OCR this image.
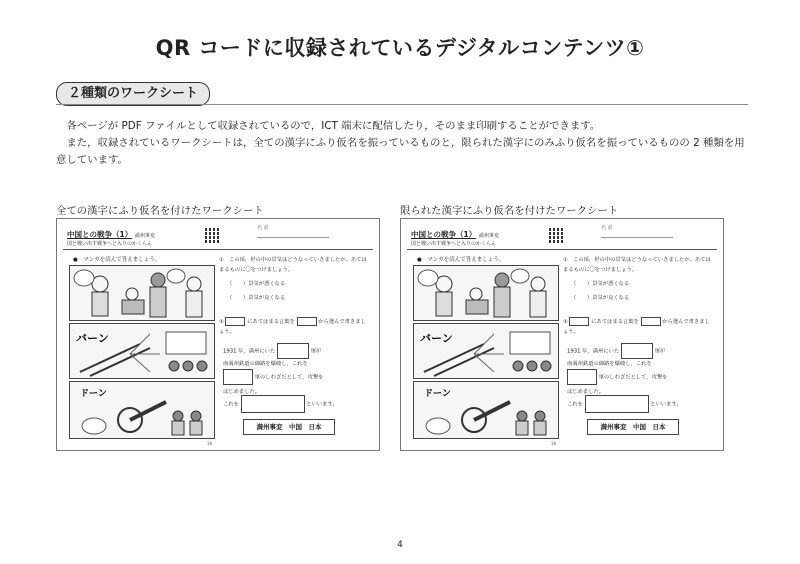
QR コードに収録されているデジタルコンテンツ①
２種類のワークシート
各ページが PDF ファイルとして収録されているので，ICT 端末に配信したり，そのまま印刷することができます。
また，収録されているワークシートは，全ての漢字にふり仮名を振っているものと，限られた漢字にのみふり仮名を振っているものの 2 種類を用意しています。
全ての漢字にふり仮名を付けたワークシート
中国との戦争（1） 満州事変
国と戦い出す戦争へと入りのかくらん
名 前
●　マンガを読んで答えましょう。
バーン
ドーン
①　この頃，世の中の景気はどうなっていきましたか。あてはまるものに〇をつけましょう。
（　　）景気が悪くなる
（　　）景気が良くなる
②	にあてはまる言葉を	から選んで書きましょう。
1931 年，満州にいた	軍が
南満州鉄道の線路を爆破し，これを
軍のしわざだとして，攻撃を
はじめました。
これを	といいます。
満州事変　中国　日本
38
限られた漢字にふり仮名を付けたワークシート
中国との戦争（1） 満州事変
国と戦い出す戦争へと入りのかくらん
名 前
●　マンガを読んで答えましょう。
バーン
ドーン
①　この頃，世の中の景気はどうなっていきましたか。あてはまるものに〇をつけましょう。
（　　）景気が悪くなる
（　　）景気が良くなる
②	にあてはまる言葉を	から選んで書きましょう。
1931 年，満州にいた	軍が
南満州鉄道の線路を爆破し，これを
軍のしわざだとして，攻撃を
はじめました。
これを	といいます。
満州事変　中国　日本
38
4
